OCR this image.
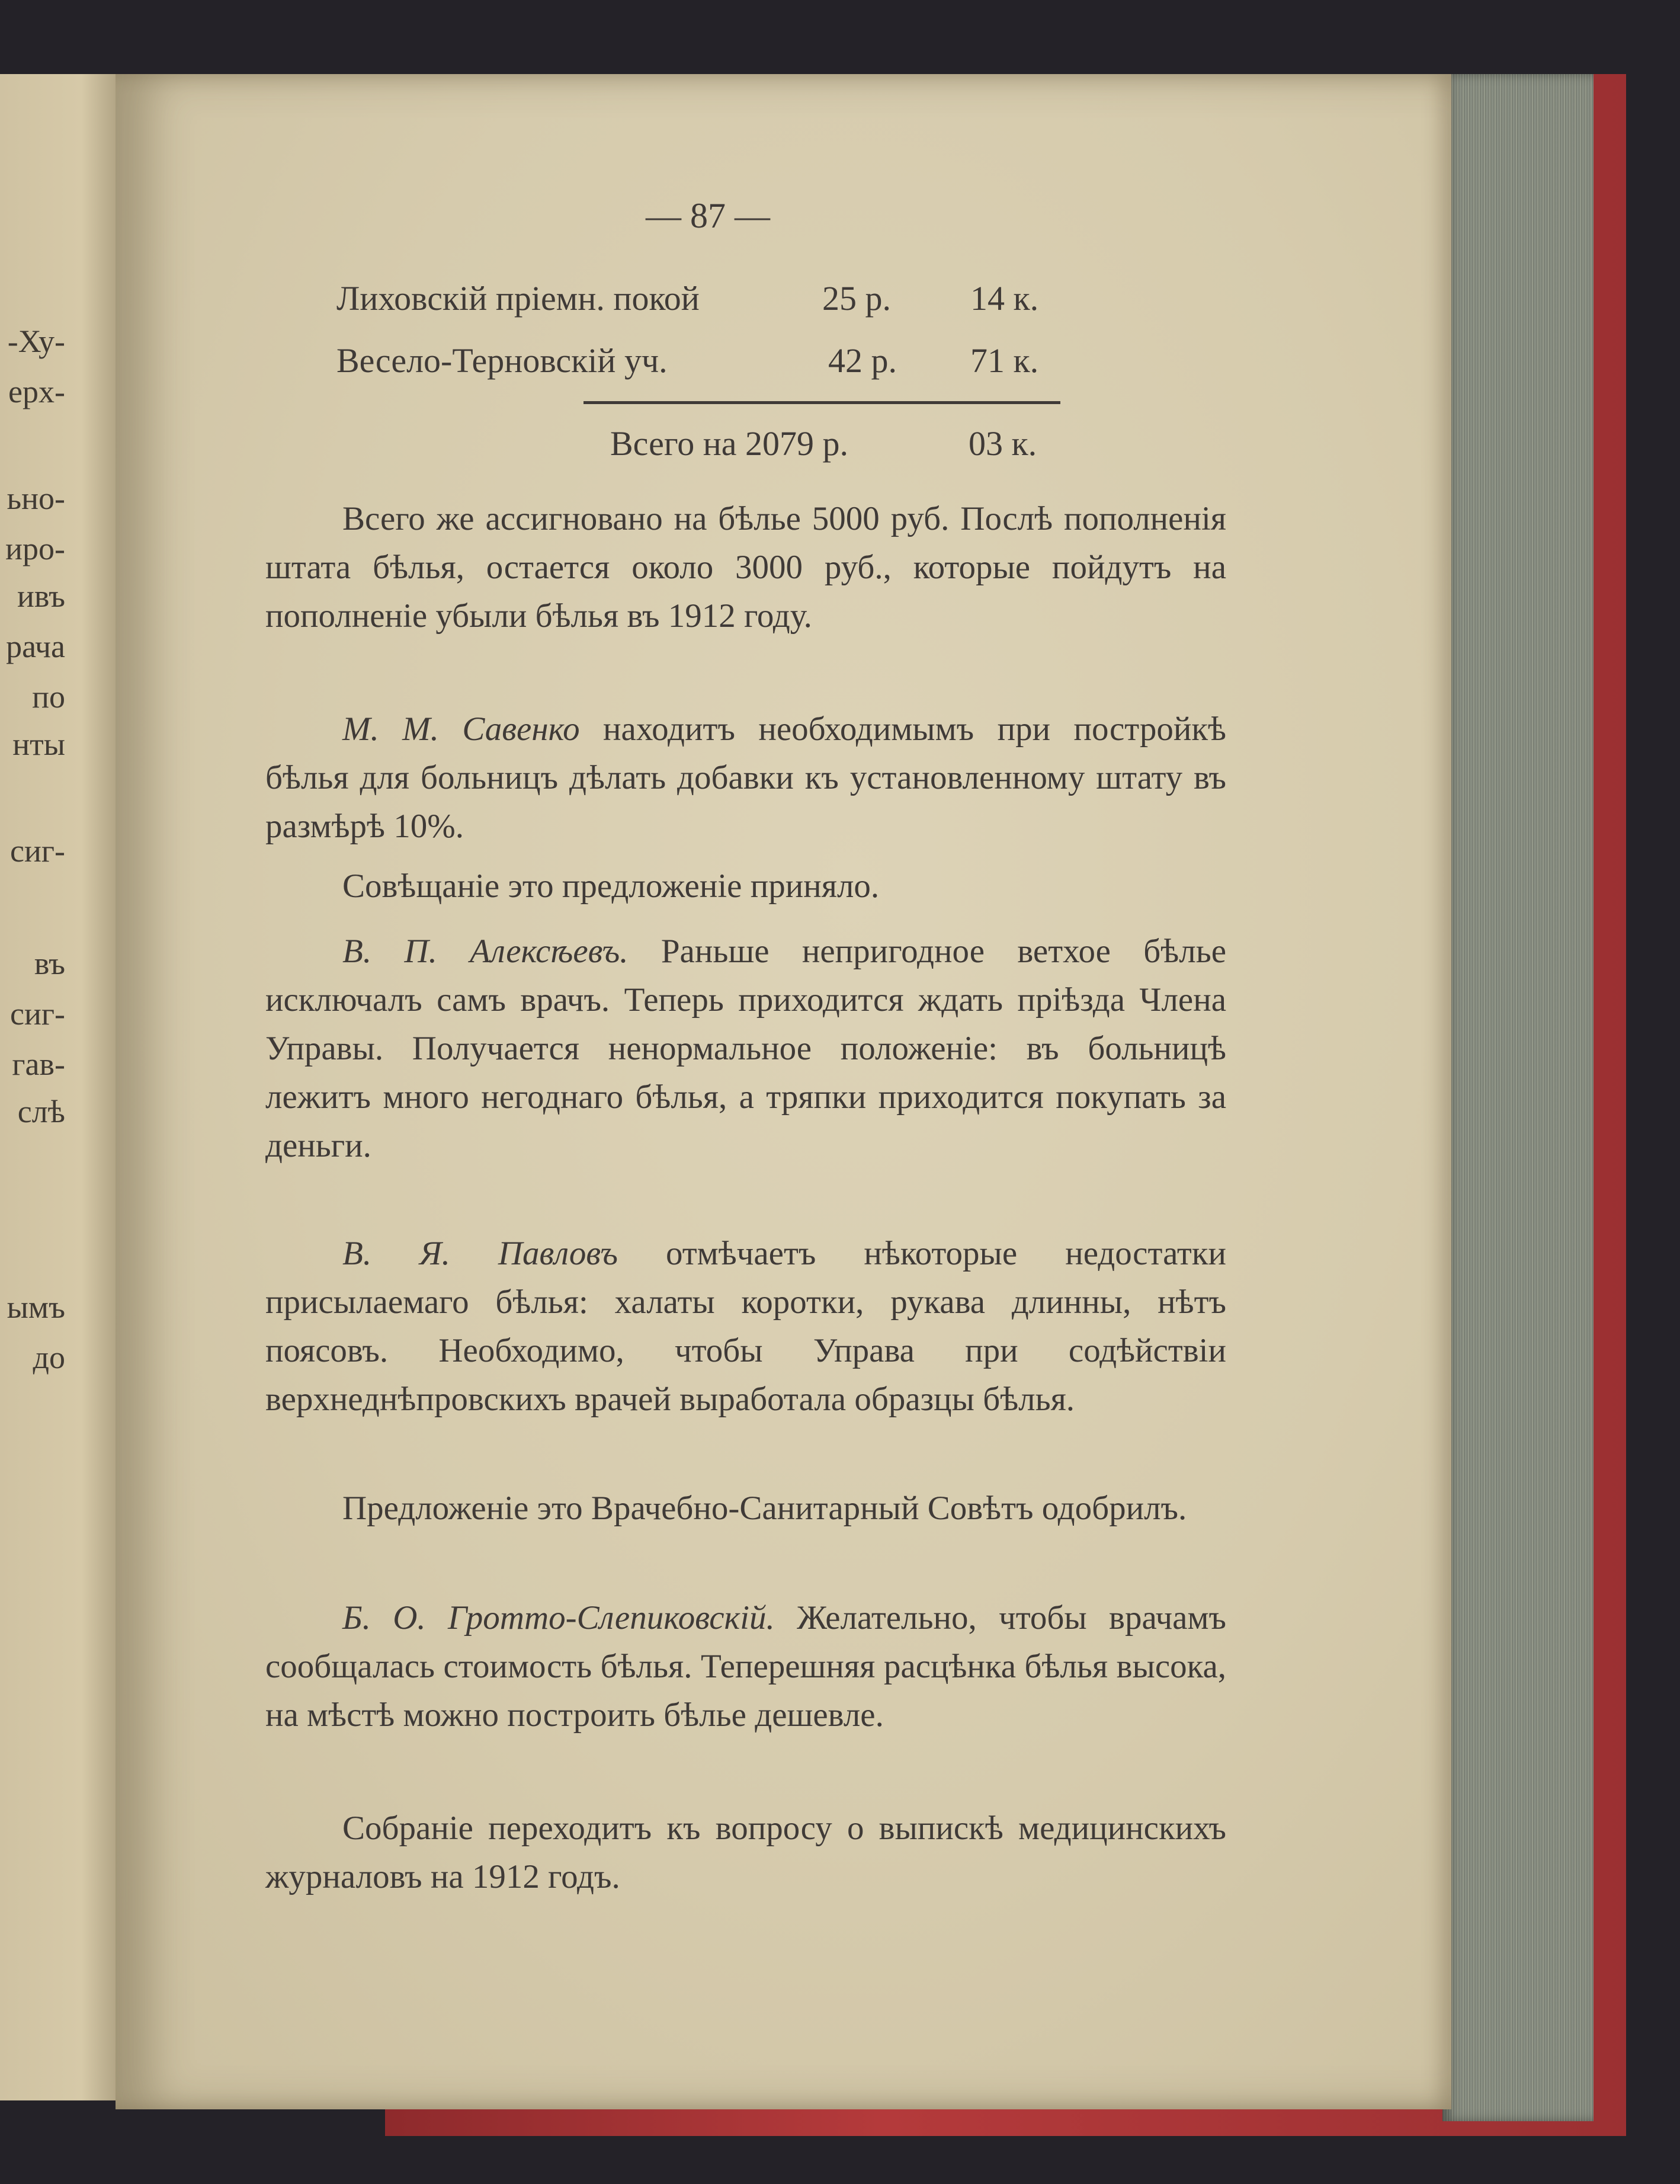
-Ху-
ерх-
ьно-
иро-
ивъ
рача
по
нты
сиг-
въ
сиг-
гав-
слѣ
ымъ
до
— 87 —
Лиховскій пріемн. покой	25 р. 14 к.
Весело-Терновскій уч.	42 р. 71 к.
Всего на 2079 р.	03 к.

Всего же ассигновано на бѣлье 5000 руб. Послѣ пополненія штата бѣлья, остается около 3000 руб., которые пойдутъ на пополненіе убыли бѣлья въ 1912 году.

М. М. Савенко находитъ необходимымъ при постройкѣ бѣлья для больницъ дѣлать добавки къ установленному штату въ размѣрѣ 10%.

Совѣщаніе это предложеніе приняло.

В. П. Алексѣевъ. Раньше непригодное ветхое бѣлье исключалъ самъ врачъ. Теперь приходится ждать пріѣзда Члена Управы. Получается ненормальное положеніе: въ больницѣ лежитъ много негоднаго бѣлья, а тряпки приходится покупать за деньги.

В. Я. Павловъ отмѣчаетъ нѣкоторые недостатки присылаемаго бѣлья: халаты коротки, рукава длинны, нѣтъ поясовъ. Необходимо, чтобы Управа при содѣйствіи верхнеднѣпровскихъ врачей выработала образцы бѣлья.

Предложеніе это Врачебно-Санитарный Совѣтъ одобрилъ.

Б. О. Гротто-Слепиковскій. Желательно, чтобы врачамъ сообщалась стоимость бѣлья. Теперешняя расцѣнка бѣлья высока, на мѣстѣ можно построить бѣлье дешевле.

Собраніе переходитъ къ вопросу о выпискѣ медицинскихъ журналовъ на 1912 годъ.
